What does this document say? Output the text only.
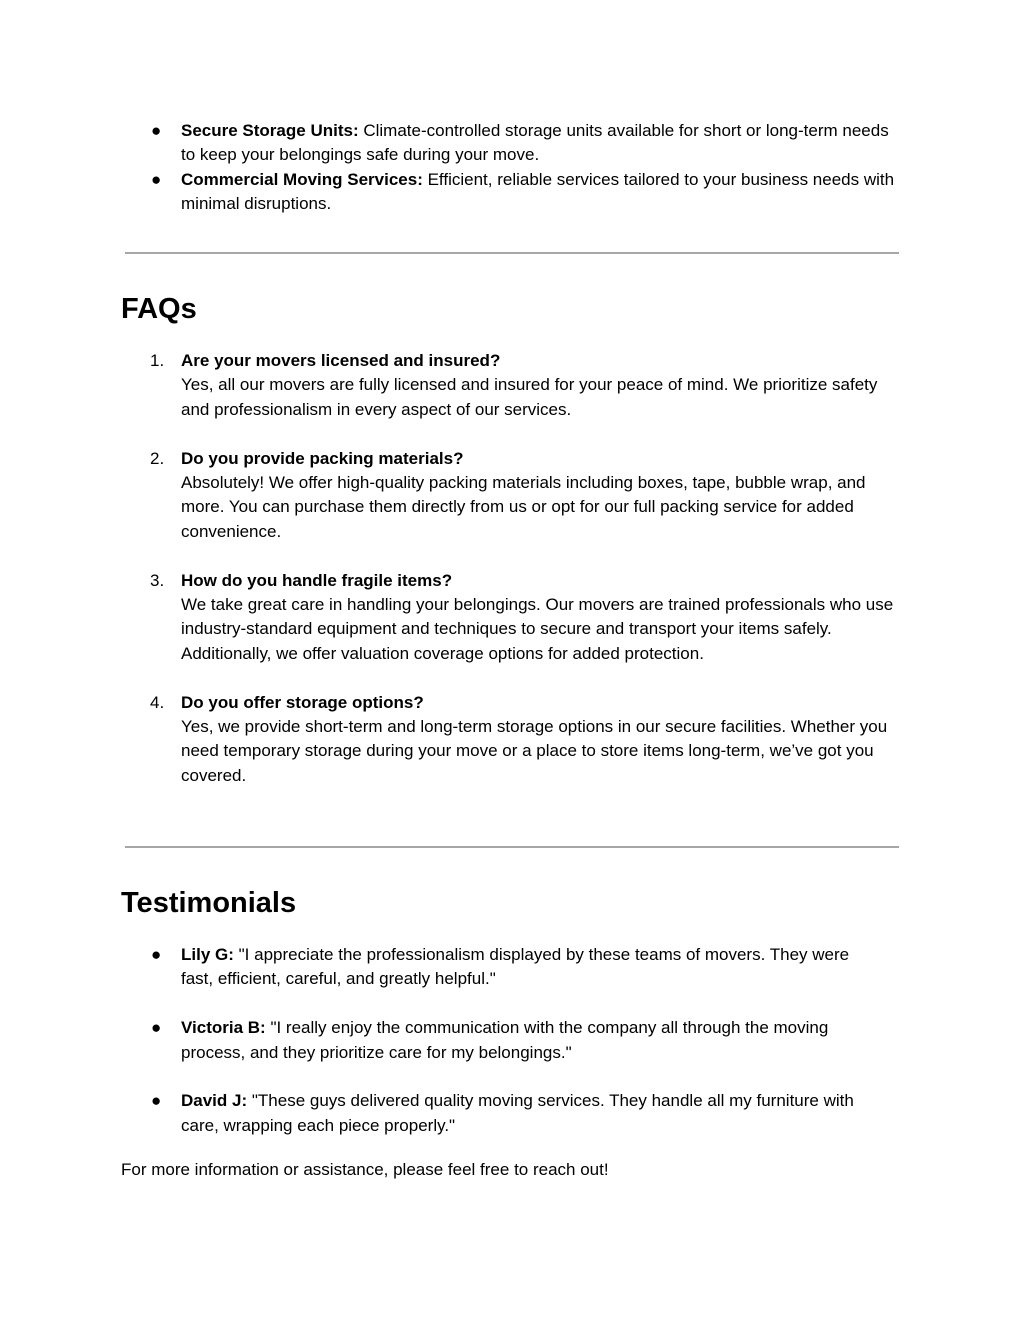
●	Secure Storage Units: Climate-controlled storage units available for short or long-term needs to keep your belongings safe during your move.
●	Commercial Moving Services: Efficient, reliable services tailored to your business needs with minimal disruptions.
FAQs
1. Are your movers licensed and insured?
Yes, all our movers are fully licensed and insured for your peace of mind. We prioritize safety and professionalism in every aspect of our services.
2. Do you provide packing materials?
Absolutely! We offer high-quality packing materials including boxes, tape, bubble wrap, and more. You can purchase them directly from us or opt for our full packing service for added convenience.
3. How do you handle fragile items?
We take great care in handling your belongings. Our movers are trained professionals who use industry-standard equipment and techniques to secure and transport your items safely. Additionally, we offer valuation coverage options for added protection.
4. Do you offer storage options?
Yes, we provide short-term and long-term storage options in our secure facilities. Whether you need temporary storage during your move or a place to store items long-term, we’ve got you covered.
Testimonials
●	Lily G: "I appreciate the professionalism displayed by these teams of movers. They were fast, efficient, careful, and greatly helpful."
●	Victoria B: "I really enjoy the communication with the company all through the moving process, and they prioritize care for my belongings."
●	David J: "These guys delivered quality moving services. They handle all my furniture with care, wrapping each piece properly."

For more information or assistance, please feel free to reach out!
